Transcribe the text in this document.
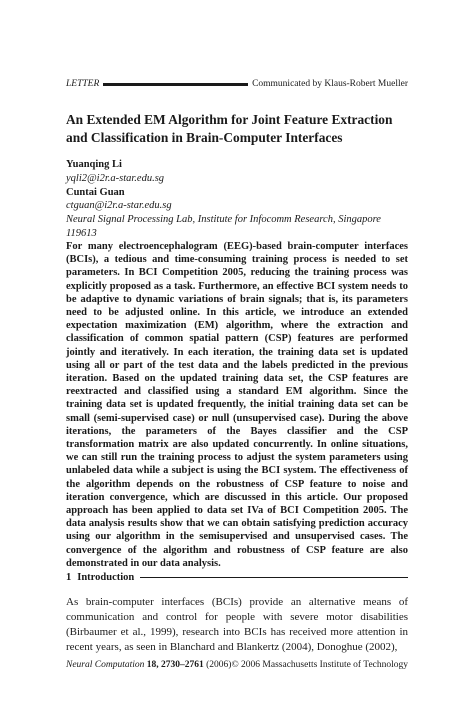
LETTER	Communicated by Klaus-Robert Mueller
An Extended EM Algorithm for Joint Feature Extraction and Classification in Brain-Computer Interfaces
Yuanqing Li
yqli2@i2r.a-star.edu.sg
Cuntai Guan
ctguan@i2r.a-star.edu.sg
Neural Signal Processing Lab, Institute for Infocomm Research, Singapore 119613

For many electroencephalogram (EEG)-based brain-computer interfaces (BCIs), a tedious and time-consuming training process is needed to set parameters. In BCI Competition 2005, reducing the training process was explicitly proposed as a task. Furthermore, an effective BCI system needs to be adaptive to dynamic variations of brain signals; that is, its parameters need to be adjusted online. In this article, we introduce an extended expectation maximization (EM) algorithm, where the extraction and classification of common spatial pattern (CSP) features are performed jointly and iteratively. In each iteration, the training data set is updated using all or part of the test data and the labels predicted in the previous iteration. Based on the updated training data set, the CSP features are reextracted and classified using a standard EM algorithm. Since the training data set is updated frequently, the initial training data set can be small (semi-supervised case) or null (unsupervised case). During the above iterations, the parameters of the Bayes classifier and the CSP transformation matrix are also updated concurrently. In online situations, we can still run the training process to adjust the system parameters using unlabeled data while a subject is using the BCI system. The effectiveness of the algorithm depends on the robustness of CSP feature to noise and iteration convergence, which are discussed in this article. Our proposed approach has been applied to data set IVa of BCI Competition 2005. The data analysis results show that we can obtain satisfying prediction accuracy using our algorithm in the semisupervised and unsupervised cases. The convergence of the algorithm and robustness of CSP feature are also demonstrated in our data analysis.

1 Introduction

As brain-computer interfaces (BCIs) provide an alternative means of communication and control for people with severe motor disabilities (Birbaumer et al., 1999), research into BCIs has received more attention in recent years, as seen in Blanchard and Blankertz (2004), Donoghue (2002),

Neural Computation 18, 2730–2761 (2006) © 2006 Massachusetts Institute of Technology
